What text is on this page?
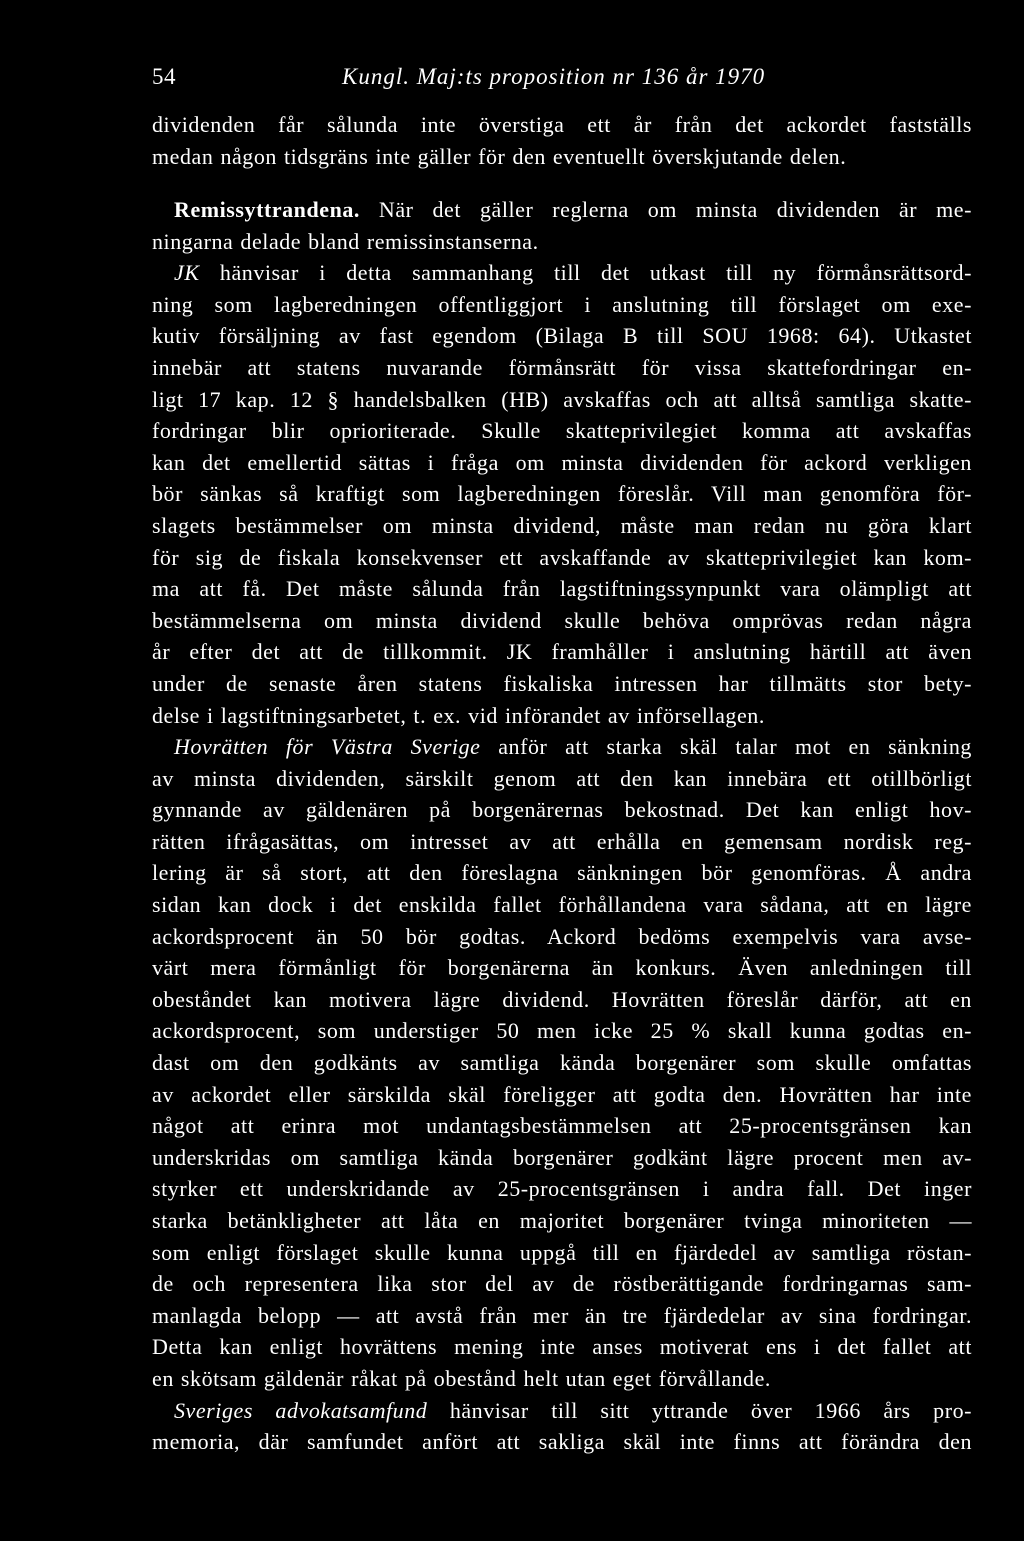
54	Kungl. Maj:ts proposition nr 136 år 1970
dividenden får sålunda inte överstiga ett år från det ackordet fastställs
medan någon tidsgräns inte gäller för den eventuellt överskjutande delen.
Remissyttrandena. När det gäller reglerna om minsta dividenden är me-
ningarna delade bland remissinstanserna.
JK hänvisar i detta sammanhang till det utkast till ny förmånsrättsord-
ning som lagberedningen offentliggjort i anslutning till förslaget om exe-
kutiv försäljning av fast egendom (Bilaga B till SOU 1968: 64). Utkastet
innebär att statens nuvarande förmånsrätt för vissa skattefordringar en-
ligt 17 kap. 12 § handelsbalken (HB) avskaffas och att alltså samtliga skatte-
fordringar blir oprioriterade. Skulle skatteprivilegiet komma att avskaffas
kan det emellertid sättas i fråga om minsta dividenden för ackord verkligen
bör sänkas så kraftigt som lagberedningen föreslår. Vill man genomföra för-
slagets bestämmelser om minsta dividend, måste man redan nu göra klart
för sig de fiskala konsekvenser ett avskaffande av skatteprivilegiet kan kom-
ma att få. Det måste sålunda från lagstiftningssynpunkt vara olämpligt att
bestämmelserna om minsta dividend skulle behöva omprövas redan några
år efter det att de tillkommit. JK framhåller i anslutning härtill att även
under de senaste åren statens fiskaliska intressen har tillmätts stor bety-
delse i lagstiftningsarbetet, t. ex. vid införandet av införsellagen.
Hovrätten för Västra Sverige anför att starka skäl talar mot en sänkning
av minsta dividenden, särskilt genom att den kan innebära ett otillbörligt
gynnande av gäldenären på borgenärernas bekostnad. Det kan enligt hov-
rätten ifrågasättas, om intresset av att erhålla en gemensam nordisk reg-
lering är så stort, att den föreslagna sänkningen bör genomföras. Å andra
sidan kan dock i det enskilda fallet förhållandena vara sådana, att en lägre
ackordsprocent än 50 bör godtas. Ackord bedöms exempelvis vara avse-
värt mera förmånligt för borgenärerna än konkurs. Även anledningen till
obeståndet kan motivera lägre dividend. Hovrätten föreslår därför, att en
ackordsprocent, som understiger 50 men icke 25 % skall kunna godtas en-
dast om den godkänts av samtliga kända borgenärer som skulle omfattas
av ackordet eller särskilda skäl föreligger att godta den. Hovrätten har inte
något att erinra mot undantagsbestämmelsen att 25-procentsgränsen kan
underskridas om samtliga kända borgenärer godkänt lägre procent men av-
styrker ett underskridande av 25-procentsgränsen i andra fall. Det inger
starka betänkligheter att låta en majoritet borgenärer tvinga minoriteten —
som enligt förslaget skulle kunna uppgå till en fjärdedel av samtliga röstan-
de och representera lika stor del av de röstberättigande fordringarnas sam-
manlagda belopp — att avstå från mer än tre fjärdedelar av sina fordringar.
Detta kan enligt hovrättens mening inte anses motiverat ens i det fallet att
en skötsam gäldenär råkat på obestånd helt utan eget förvållande.
Sveriges advokatsamfund hänvisar till sitt yttrande över 1966 års pro-
memoria, där samfundet anfört att sakliga skäl inte finns att förändra den
